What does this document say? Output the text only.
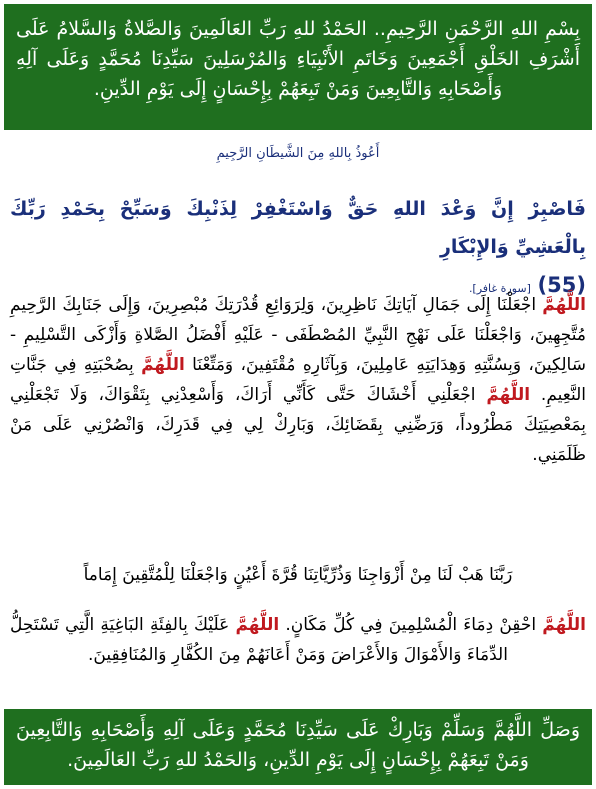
بِسْمِ اللهِ الرَّحْمَنِ الرَّحِيمِ.. الحَمْدُ للهِ رَبِّ العَالَمِينَ وَالصَّلاةُ وَالسَّلامُ عَلَى أَشْرَفِ الخَلْقِ أَجْمَعِينَ وَخَاتَمِ الأَنْبِيَاءِ وَالمُرْسَلِينَ سَيِّدِنَا مُحَمَّدٍ وَعَلَى آلِهِ وَأَصْحَابِهِ وَالتَّابِعِينَ وَمَنْ تَبِعَهُمْ بِإِحْسَانٍ إِلَى يَوْمِ الدِّينِ.

أَعُوذُ بِاللهِ مِنَ الشَّيطَانِ الرَّجِيمِ
فَاصْبِرْ إِنَّ وَعْدَ اللهِ حَقٌّ وَاسْتَغْفِرْ لِذَنْبِكَ وَسَبِّحْ بِحَمْدِ رَبِّكَ بِالْعَشِيِّ وَالإِبْكَارِ
(55) [سورة غافر].

اللَّهُمَّ اجْعَلْنَا إِلَى جَمَالِ آيَاتِكَ نَاظِرِينَ، وَلِرَوَائِعِ قُدْرَتِكَ مُبْصِرِينَ، وَإِلَى جَنَابِكَ الرَّحِيمِ مُتَّجِهِينَ، وَاجْعَلْنَا عَلَى نَهْجِ النَّبِيِّ المُصْطَفَى - عَلَيْهِ أَفْضَلُ الصَّلاةِ وَأَزْكَى التَّسْلِيمِ - سَالِكِينَ، وَبِسُنَّتِهِ وَهِدَايَتِهِ عَامِلِينَ، وَبِآثَارِهِ مُقْتَفِينَ، وَمَتِّعْنَا اللَّهُمَّ بِصُحْبَتِهِ فِي جَنَّاتِ النَّعِيمِ. اللَّهُمَّ اجْعَلْنِي أَخْشَاكَ حَتَّى كَأَنِّي أَرَاكَ، وَأَسْعِدْنِي بِتَقْوَاكَ، وَلَا تَجْعَلْنِي بِمَعْصِيَتِكَ مَطْرُوداً، وَرَضِّنِي بِقَضَائِكَ، وَبَارِكْ لِي فِي قَدَرِكَ، وَانْصُرْنِي عَلَى مَنْ ظَلَمَنِي.

رَبَّنَا هَبْ لَنَا مِنْ أَزْوَاجِنَا وَذُرِّيَّاتِنَا قُرَّةَ أَعْيُنٍ وَاجْعَلْنَا لِلْمُتَّقِينَ إِمَاماً

اللَّهُمَّ احْقِنْ دِمَاءَ الْمُسْلِمِينَ فِي كُلِّ مَكَانٍ. اللَّهُمَّ عَلَيْكَ بِالفِئَةِ البَاغِيَةِ الَّتِي تَسْتَحِلُّ الدِّمَاءَ وَالأَمْوَالَ وَالأَعْرَاضَ وَمَنْ أَعَانَهُمْ مِنَ الكُفَّارِ وَالمُنَافِقِينَ.

وَصَلِّ اللَّهُمَّ وَسَلِّمْ وَبَارِكْ عَلَى سَيِّدِنَا مُحَمَّدٍ وَعَلَى آلِهِ وَأَصْحَابِهِ وَالتَّابِعِينَ وَمَنْ تَبِعَهُمْ بِإِحْسَانٍ إِلَى يَوْمِ الدِّينِ، وَالحَمْدُ للهِ رَبِّ العَالَمِينَ.
